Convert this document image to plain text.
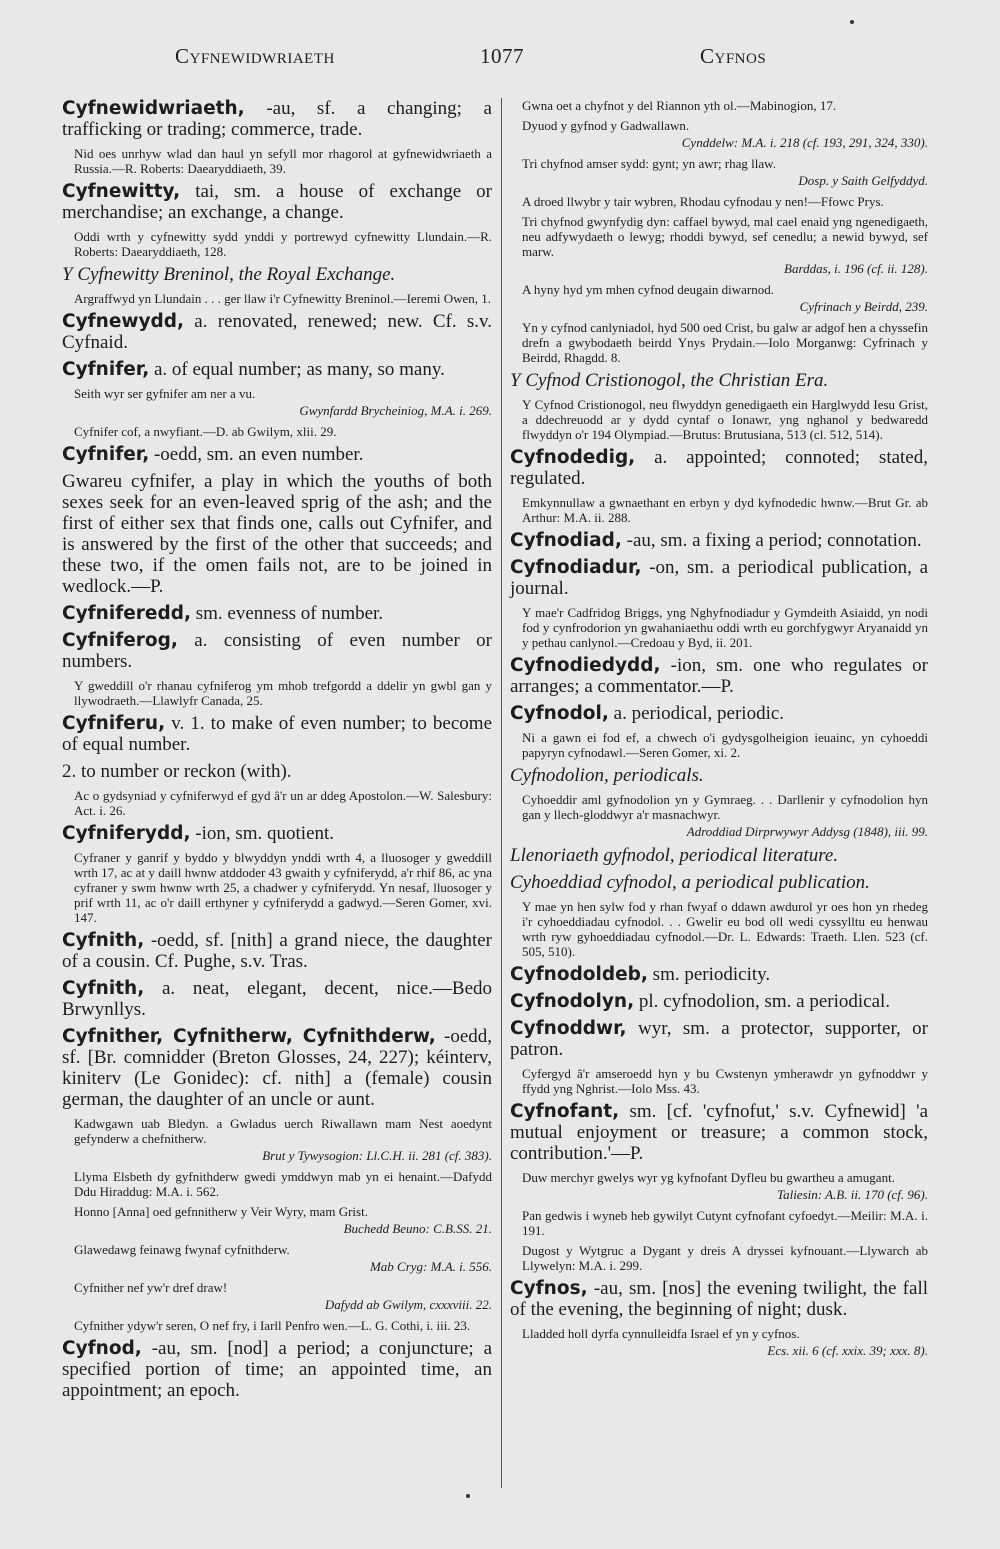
Cyfnewidwriaeth	1077	Cyfnos
Cyfnewidwriaeth, -au, sf. a changing; a trafficking or trading; commerce, trade.
Nid oes unrhyw wlad dan haul yn sefyll mor rhagorol at gyfnewidwriaeth a Russia.—R. Roberts: Daearyddiaeth, 39.
Cyfnewitty, tai, sm. a house of exchange or merchandise; an exchange, a change.
Oddi wrth y cyfnewitty sydd ynddi y portrewyd cyfnewitty Llundain.—R. Roberts: Daearyddiaeth, 128.
Y Cyfnewitty Breninol, the Royal Exchange.
Argraffwyd yn Llundain . . . ger llaw i'r Cyfnewitty Breninol.—Ieremi Owen, 1.
Cyfnewydd, a. renovated, renewed; new. Cf. s.v. Cyfnaid.
Cyfnifer, a. of equal number; as many, so many.
Seith wyr ser gyfnifer am ner a vu.
Gwynfardd Brycheiniog, M.A. i. 269.
Cyfnifer cof, a nwyfiant.—D. ab Gwilym, xlii. 29.
Cyfnifer, -oedd, sm. an even number.
Gwareu cyfnifer, a play in which the youths of both sexes seek for an even-leaved sprig of the ash; and the first of either sex that finds one, calls out Cyfnifer, and is answered by the first of the other that succeeds; and these two, if the omen fails not, are to be joined in wedlock.—P.
Cyfniferedd, sm. evenness of number.
Cyfniferog, a. consisting of even number or numbers.
Y gweddill o'r rhanau cyfniferog ym mhob trefgordd a ddelir yn gwbl gan y llywodraeth.—Llawlyfr Canada, 25.
Cyfniferu, v. 1. to make of even number; to become of equal number.
2. to number or reckon (with).
Ac o gydsyniad y cyfniferwyd ef gyd â'r un ar ddeg Apostolon.—W. Salesbury: Act. i. 26.
Cyfniferydd, -ion, sm. quotient.
Cyfraner y ganrif y byddo y blwyddyn ynddi wrth 4, a lluosoger y gweddill wrth 17, ac at y daill hwnw atddoder 43 gwaith y cyfniferydd, a'r rhif 86, ac yna cyfraner y swm hwnw wrth 25, a chadwer y cyfniferydd. Yn nesaf, lluosoger y prif wrth 11, ac o'r daill erthyner y cyfniferydd a gadwyd.—Seren Gomer, xvi. 147.
Cyfnith, -oedd, sf. [nith] a grand niece, the daughter of a cousin. Cf. Pughe, s.v. Tras.
Cyfnith, a. neat, elegant, decent, nice.—Bedo Brwynllys.
Cyfnither, Cyfnitherw, Cyfnithderw, -oedd, sf. [Br. comnidder (Breton Glosses, 24, 227); kéinterv, kiniterv (Le Gonidec): cf. nith] a (female) cousin german, the daughter of an uncle or aunt.
Kadwgawn uab Bledyn. a Gwladus uerch Riwallawn mam Nest aoedynt gefynderw a chefnitherw.
Brut y Tywysogion: Ll.C.H. ii. 281 (cf. 383).
Llyma Elsbeth dy gyfnithderw gwedi ymddwyn mab yn ei henaint.—Dafydd Ddu Hiraddug: M.A. i. 562.
Honno [Anna] oed gefnnitherw y Veir Wyry, mam Grist.
Buchedd Beuno: C.B.SS. 21.
Glawedawg feinawg fwynaf cyfnithderw.
Mab Cryg: M.A. i. 556.
Cyfnither nef yw'r dref draw!
Dafydd ab Gwilym, cxxxviii. 22.
Cyfnither ydyw'r seren, O nef fry, i Iarll Penfro wen.—L. G. Cothi, i. iii. 23.
Cyfnod, -au, sm. [nod] a period; a conjuncture; a specified portion of time; an appointed time, an appointment; an epoch.
Gwna oet a chyfnot y del Riannon yth ol.—Mabinogion, 17.
Dyuod y gyfnod y Gadwallawn.
Cynddelw: M.A. i. 218 (cf. 193, 291, 324, 330).
Tri chyfnod amser sydd: gynt; yn awr; rhag llaw.
Dosp. y Saith Gelfyddyd.
A droed llwybr y tair wybren, Rhodau cyfnodau y nen!—Ffowc Prys.
Tri chyfnod gwynfydig dyn: caffael bywyd, mal cael enaid yng ngenedigaeth, neu adfywydaeth o lewyg; rhoddi bywyd, sef cenedlu; a newid bywyd, sef marw.
Barddas, i. 196 (cf. ii. 128).
A hyny hyd ym mhen cyfnod deugain diwarnod.
Cyfrinach y Beirdd, 239.
Yn y cyfnod canlyniadol, hyd 500 oed Crist, bu galw ar adgof hen a chyssefin drefn a gwybodaeth beirdd Ynys Prydain.—Iolo Morganwg: Cyfrinach y Beirdd, Rhagdd. 8.
Y Cyfnod Cristionogol, the Christian Era.
Y Cyfnod Cristionogol, neu flwyddyn genedigaeth ein Harglwydd Iesu Grist, a ddechreuodd ar y dydd cyntaf o Ionawr, yng nghanol y bedwaredd flwyddyn o'r 194 Olympiad.—Brutus: Brutusiana, 513 (cl. 512, 514).
Cyfnodedig, a. appointed; connoted; stated, regulated.
Emkynnullaw a gwnaethant en erbyn y dyd kyfnodedic hwnw.—Brut Gr. ab Arthur: M.A. ii. 288.
Cyfnodiad, -au, sm. a fixing a period; connotation.
Cyfnodiadur, -on, sm. a periodical publication, a journal.
Y mae'r Cadfridog Briggs, yng Nghyfnodiadur y Gymdeith Asiaidd, yn nodi fod y cynfrodorion yn gwahaniaethu oddi wrth eu gorchfygwyr Aryanaidd yn y pethau canlynol.—Credoau y Byd, ii. 201.
Cyfnodiedydd, -ion, sm. one who regulates or arranges; a commentator.—P.
Cyfnodol, a. periodical, periodic.
Ni a gawn ei fod ef, a chwech o'i gydysgolheigion ieuainc, yn cyhoeddi papyryn cyfnodawl.—Seren Gomer, xi. 2.
Cyfnodolion, periodicals.
Cyhoeddir aml gyfnodolion yn y Gymraeg. . . Darllenir y cyfnodolion hyn gan y llech-gloddwyr a'r masnachwyr.
Adroddiad Dirprwywyr Addysg (1848), iii. 99.
Llenoriaeth gyfnodol, periodical literature.
Cyhoeddiad cyfnodol, a periodical publication.
Y mae yn hen sylw fod y rhan fwyaf o ddawn awdurol yr oes hon yn rhedeg i'r cyhoeddiadau cyfnodol. . . Gwelir eu bod oll wedi cyssylltu eu henwau wrth ryw gyhoeddiadau cyfnodol.—Dr. L. Edwards: Traeth. Llen. 523 (cf. 505, 510).
Cyfnodoldeb, sm. periodicity.
Cyfnodolyn, pl. cyfnodolion, sm. a periodical.
Cyfnoddwr, wyr, sm. a protector, supporter, or patron.
Cyfergyd â'r amseroedd hyn y bu Cwstenyn ymherawdr yn gyfnoddwr y ffydd yng Nghrist.—Iolo Mss. 43.
Cyfnofant, sm. [cf. 'cyfnofut,' s.v. Cyfnewid] 'a mutual enjoyment or treasure; a common stock, contribution.'—P.
Duw merchyr gwelys wyr yg kyfnofant Dyfleu bu gwartheu a amugant.
Taliesin: A.B. ii. 170 (cf. 96).
Pan gedwis i wyneb heb gywilyt Cutynt cyfnofant cyfoedyt.—Meilir: M.A. i. 191.
Dugost y Wytgruc a Dygant y dreis A dryssei kyfnouant.—Llywarch ab Llywelyn: M.A. i. 299.
Cyfnos, -au, sm. [nos] the evening twilight, the fall of the evening, the beginning of night; dusk.
Lladded holl dyrfa cynnulleidfa Israel ef yn y cyfnos.
Ecs. xii. 6 (cf. xxix. 39; xxx. 8).
